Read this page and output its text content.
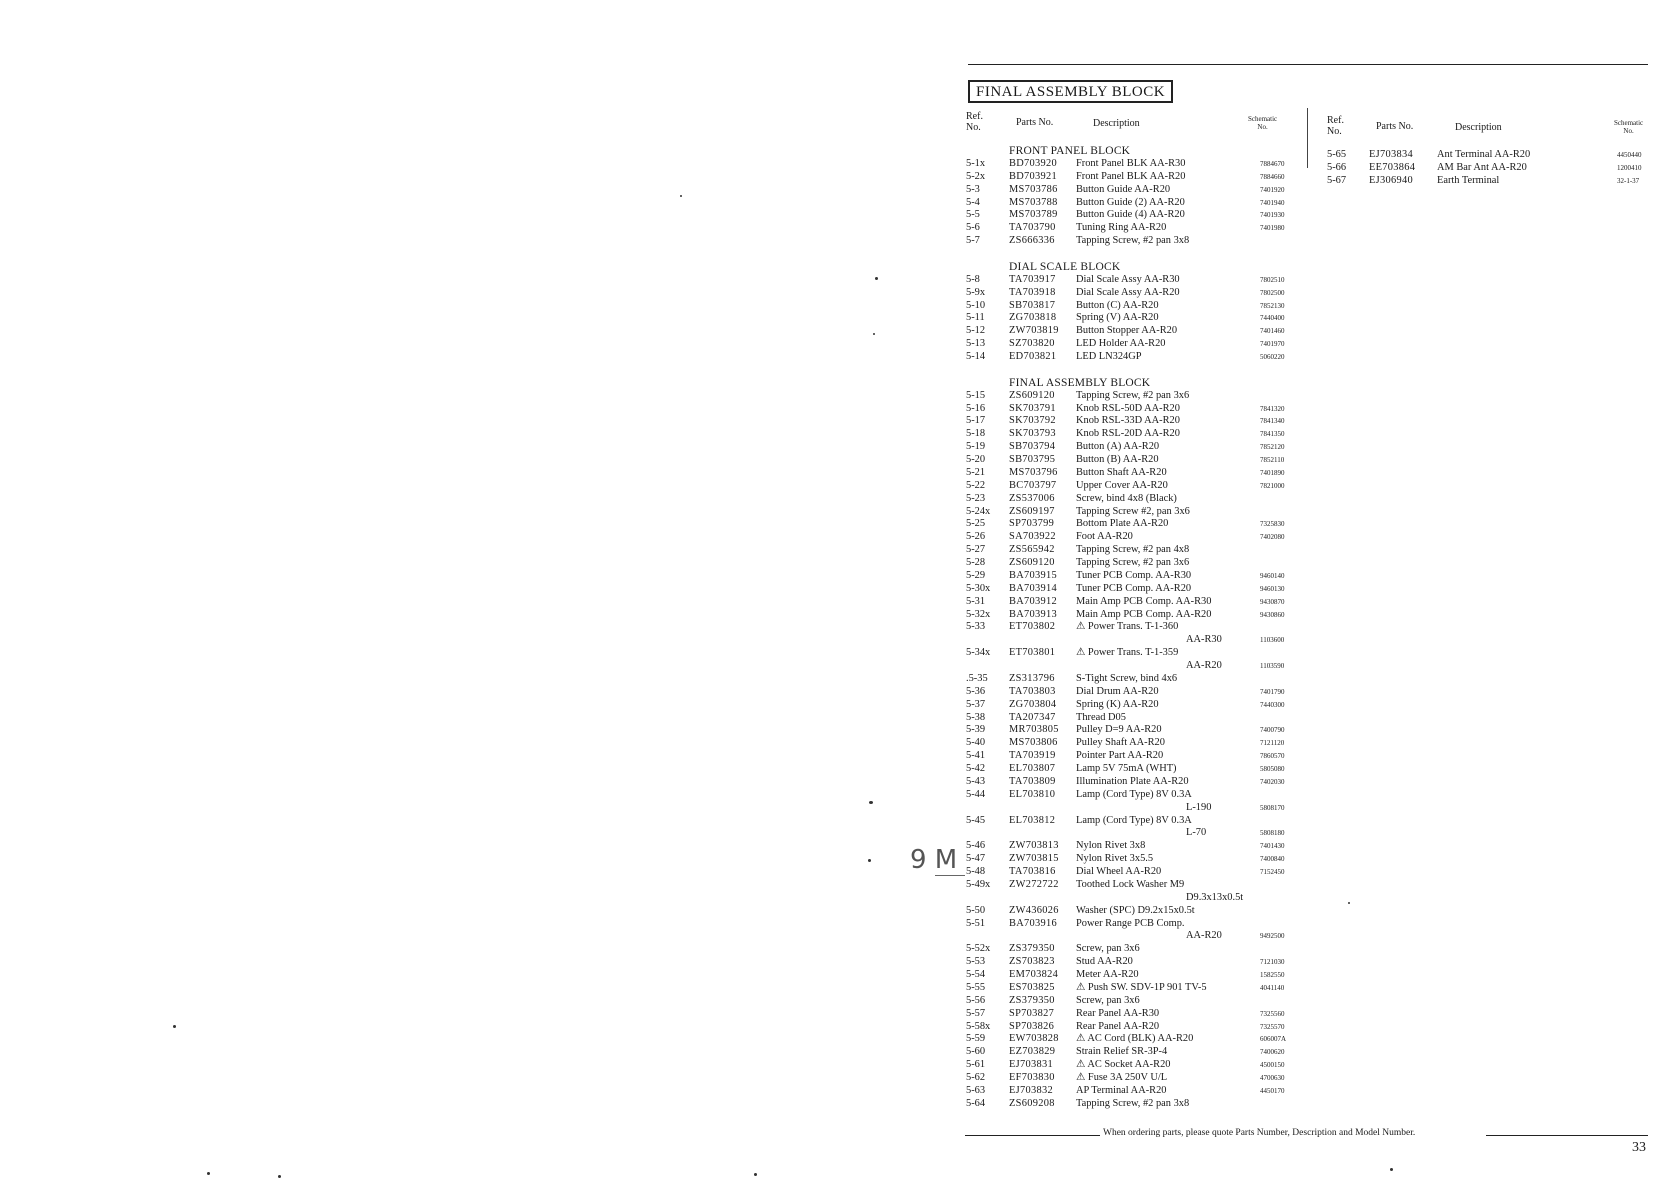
FINAL ASSEMBLY BLOCK
Ref.
No.	Parts No.	Description	Schematic
No.
Ref.
No.	Parts No.	Description	Schematic
No.
FRONT PANEL BLOCK
5-1x BD703920 Front Panel BLK AA-R30	7884670
5-2x BD703921 Front Panel BLK AA-R20	7884660
5-3	MS703786 Button Guide AA-R20	7401920
5-4	MS703788 Button Guide (2) AA-R20	7401940
5-5	MS703789 Button Guide (4) AA-R20	7401930
5-6	TA703790 Tuning Ring AA-R20	7401980
5-7	ZS666336 Tapping Screw, #2 pan 3x8
DIAL SCALE BLOCK
5-8	TA703917 Dial Scale Assy AA-R30	7802510
5-9x TA703918 Dial Scale Assy AA-R20	7802500
5-10 SB703817 Button (C) AA-R20	7852130
5-11 ZG703818 Spring (V) AA-R20	7440400
5-12 ZW703819 Button Stopper AA-R20	7401460
5-13 SZ703820 LED Holder AA-R20	7401970
5-14 ED703821 LED LN324GP	5060220
FINAL ASSEMBLY BLOCK
5-15 ZS609120 Tapping Screw, #2 pan 3x6
5-16 SK703791 Knob RSL-50D AA-R20	7841320
5-17 SK703792 Knob RSL-33D AA-R20	7841340
5-18 SK703793 Knob RSL-20D AA-R20	7841350
5-19 SB703794 Button (A) AA-R20	7852120
5-20 SB703795 Button (B) AA-R20	7852110
5-21 MS703796 Button Shaft AA-R20	7401890
5-22 BC703797 Upper Cover AA-R20	7821000
5-23 ZS537006 Screw, bind 4x8 (Black)
5-24x ZS609197 Tapping Screw #2, pan 3x6
5-25 SP703799 Bottom Plate AA-R20	7325830
5-26 SA703922 Foot AA-R20	7402080
5-27 ZS565942 Tapping Screw, #2 pan 4x8
5-28 ZS609120 Tapping Screw, #2 pan 3x6
5-29 BA703915 Tuner PCB Comp. AA-R30	9460140
5-30x BA703914 Tuner PCB Comp. AA-R20	9460130
5-31 BA703912 Main Amp PCB Comp. AA-R30	9430870
5-32x BA703913 Main Amp PCB Comp. AA-R20	9430860
5-33 ET703802 ⚠ Power Trans. T-1-360
AA-R30	1103600
5-34x ET703801 ⚠ Power Trans. T-1-359
AA-R20	1103590
.5-35 ZS313796 S-Tight Screw, bind 4x6
5-36 TA703803 Dial Drum AA-R20	7401790
5-37 ZG703804 Spring (K) AA-R20	7440300
5-38 TA207347 Thread D05
5-39 MR703805 Pulley D=9 AA-R20	7400790
5-40 MS703806 Pulley Shaft AA-R20	7121120
5-41 TA703919 Pointer Part AA-R20	7860570
5-42 EL703807 Lamp 5V 75mA (WHT)	5805080
5-43 TA703809 Illumination Plate AA-R20	7402030
5-44 EL703810 Lamp (Cord Type) 8V 0.3A
L-190	5808170
5-45 EL703812 Lamp (Cord Type) 8V 0.3A
L-70	5808180
5-46 ZW703813 Nylon Rivet 3x8	7401430
5-47 ZW703815 Nylon Rivet 3x5.5	7400840
5-48 TA703816 Dial Wheel AA-R20	7152450
5-49x ZW272722 Toothed Lock Washer M9
D9.3x13x0.5t
5-50 ZW436026 Washer (SPC) D9.2x15x0.5t
5-51 BA703916 Power Range PCB Comp.
AA-R20	9492500
5-52x ZS379350 Screw, pan 3x6
5-53 ZS703823 Stud AA-R20	7121030
5-54 EM703824 Meter AA-R20	1582550
5-55 ES703825 ⚠ Push SW. SDV-1P 901 TV-5	4041140
5-56 ZS379350 Screw, pan 3x6
5-57 SP703827 Rear Panel AA-R30	7325560
5-58x SP703826 Rear Panel AA-R20	7325570
5-59 EW703828 ⚠ AC Cord (BLK) AA-R20	606007A
5-60 EZ703829 Strain Relief SR-3P-4	7400620
5-61 EJ703831 ⚠ AC Socket AA-R20	4500150
5-62 EF703830 ⚠ Fuse 3A 250V U/L	4700630
5-63 EJ703832 AP Terminal AA-R20	4450170
5-64 ZS609208 Tapping Screw, #2 pan 3x8
5-65 EJ703834 Ant Terminal AA-R20	4450440
5-66 EE703864 AM Bar Ant AA-R20	1200410
5-67 EJ306940 Earth Terminal	32-1-37
9 M
When ordering parts, please quote Parts Number, Description and Model Number.
33
